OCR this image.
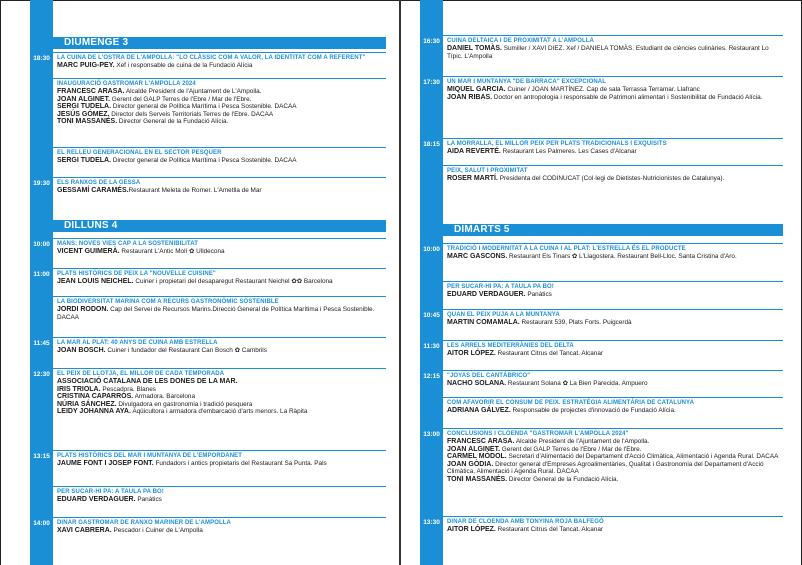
DIUMENGE 3
DILLUNS 4
18:30	LA CUINA DE L'OSTRA DE L'AMPOLLA: "LO CLÀSSIC COM A VALOR, LA IDENTITAT COM A REFERENT"
MARC PUIG-PEY. Xef i responsable de cuina de la Fundació Alícia
INAUGURACIÓ GASTROMAR L'AMPOLLA 2024
FRANCESC ARASA. Alcalde President de l'Ajuntament de L'Ampolla.
JOAN ALGINET. Gerent del GALP Terres de l'Ebre / Mar de l'Ebre.
SERGI TUDELA. Director general de Política Marítima i Pesca Sostenible. DACAA
JESÚS GÓMEZ. Director dels Serveis Territorials Terres de l'Ebre. DACAA
TONI MASSANÉS. Director General de la Fundació Alícia.
EL RELLEU GENERACIONAL EN EL SECTOR PESQUER
SERGI TUDELA. Director general de Política Marítima i Pesca Sostenible. DACAA
19:30	ELS RANXOS DE LA GESSA
GESSAMÍ CARAMÉS.Restaurant Meleta de Romer. L'Ametlla de Mar
10:00	MANS: NOVES VIES CAP A LA SOSTENIBILITAT
VICENT GUIMERÀ. Restaurant L'Antic Molí ✿ Ulldecona
11:00	PLATS HISTÒRICS DE PEIX LA "NOUVELLE CUISINE"
JEAN LOUIS NEICHEL. Cuiner i propietari del desaparegut Restaurant Neichel ✿✿ Barcelona
LA BIODIVERSITAT MARINA COM A RECURS GASTRONÒMIC SOSTENIBLE
JORDI RODON. Cap del Servei de Recursos Marins.Direcció General de Política Marítima i Pesca Sostenible. DACAA
11:45	LA MAR AL PLAT: 40 ANYS DE CUINA AMB ESTRELLA
JOAN BOSCH. Cuiner i fundador del Restaurant Can Bosch ✿ Cambrils
12:30	EL PEIX DE LLOTJA, EL MILLOR DE CADA TEMPORADA
ASSOCIACIÓ CATALANA DE LES DONES DE LA MAR.
IRIS TRIOLA. Pescadora. Blanes
CRISTINA CAPARRÓS. Armadora. Barcelona
NÚRIA SÁNCHEZ. Divulgadora en gastronomia i tradició pesquera
LEIDY JOHANNA AYA. Aqüicultora i armadora d'embarcació d'arts menors. La Ràpita
13:15	PLATS HISTÒRICS DEL MAR I MUNTANYA DE L'EMPORDANET
JAUME FONT I JOSEP FONT. Fundadors i antics propietaris del Restaurant Sa Punta. Pals
PER SUCAR-HI PA: A TAULA PA BO!
EDUARD VERDAGUER. Panàtics
14:00	DINAR GASTROMAR DE RANXO MARINER DE L'AMPOLLA
XAVI CABRERA. Pescador i Cuiner de L'Ampolla
DIMARTS 5
16:30	CUINA DELTAICA I DE PROXIMITAT A L'AMPOLLA
DANIEL TOMÀS. Sumiller / XAVI DIEZ. Xef / DANIELA TOMÀS. Estudiant de ciències culinàries. Restaurant Lo Típic. L'Ampolla
17:30	UN MAR I MUNTANYA "DE BARRACA" EXCEPCIONAL
MIQUEL GARCIA. Cuiner / JOAN MARTÍNEZ. Cap de sala Terrassa Terramar. Llafranc
JOAN RIBAS. Doctor en antropologia i responsable de Patrimoni alimentari i Sostenibilitat de Fundació Alícia.
18:15	LA MORRALLA, EL MILLOR PEIX PER PLATS TRADICIONALS I EXQUISITS
AIDA REVERTÉ. Restaurant Les Palmeres. Les Cases d'Alcanar
PEIX, SALUT I PROXIMITAT
ROSER MARTÍ. Presidenta del CODINUCAT (Col·legi de Dietistes-Nutricionistes de Catalunya).
10:00	TRADICIÓ I MODERNITAT A LA CUINA I AL PLAT: L'ESTRELLA ÉS EL PRODUCTE
MARC GASCONS. Restaurant Els Tinars ✿ L'Llagostera. Restaurant Bell-Lloc. Santa Cristina d'Aro.
PER SUCAR-HI PA: A TAULA PA BO!
EDUARD VERDAGUER. Panàtics
10:45	QUAN EL PEIX PUJA A LA MUNTANYA
MARTIN COMAMALA. Restaurant 539, Plats Forts. Puigcerdà
11:30	LES ARRELS MEDITERRÀNIES DEL DELTA
AITOR LÓPEZ. Restaurant Citrus del Tancat. Alcanar
12:15	"JOYAS DEL CANTÁBRICO"
NACHO SOLANA. Restaurant Solana ✿ La Bien Parecida. Ampuero
COM AFAVORIR EL CONSUM DE PEIX. ESTRATÈGIA ALIMENTÀRIA DE CATALUNYA
ADRIANA GÁLVEZ. Responsable de projectes d'innovació de Fundació Alícia.
13:00	CONCLUSIONS I CLOENDA "GASTROMAR L'AMPOLLA 2024"
FRANCESC ARASA. Alcalde President de l'Ajuntament de l'Ampolla.
JOAN ALGINET. Gerent del GALP Terres de l'Ebre / Mar de l'Ebre.
CARMEL MÒDOL. Secretari d'Alimentació del Departament d'Acció Climàtica, Alimentació i Agenda Rural. DACAA
JOAN GÒDIA. Director general d'Empreses Agroalimentàries, Qualitat i Gastronomia del Departament d'Acció Climàtica, Alimentació i Agenda Rural. DACAA
TONI MASSANÉS. Director General de la Fundació Alícia.
13:30	DINAR DE CLOENDA AMB TONYINA ROJA BALFEGÓ
AITOR LÓPEZ. Restaurant Citrus del Tancat. Alcanar
